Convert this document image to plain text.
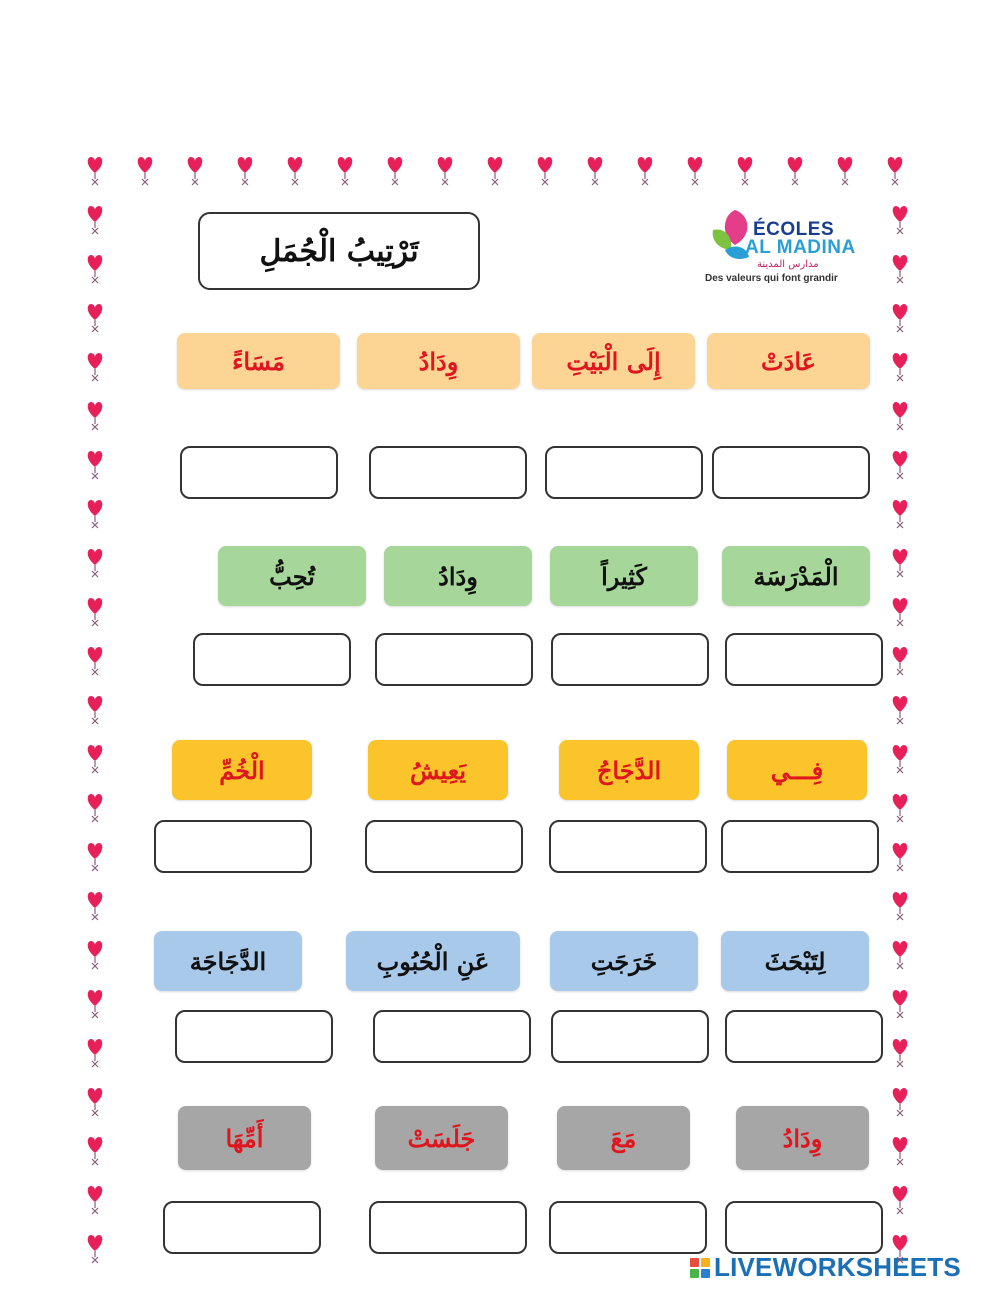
تَرْتِيبُ الْجُمَلِ
ÉCOLES
AL MADINA
مدارس المدينة
Des valeurs qui font grandir
عَادَتْ
إِلَى الْبَيْتِ
وِدَادُ
مَسَاءً
الْمَدْرَسَة
كَثِيراً
وِدَادُ
تُحِبُّ
فِـــي
الدَّجَاجُ
يَعِيشُ
الْخُمِّ
لِتَبْحَثَ
خَرَجَتِ
عَنِ الْحُبُوبِ
الدَّجَاجَة
وِدَادُ
مَعَ
جَلَسَتْ
أَمِّهَا
LIVEWORKSHEETS
